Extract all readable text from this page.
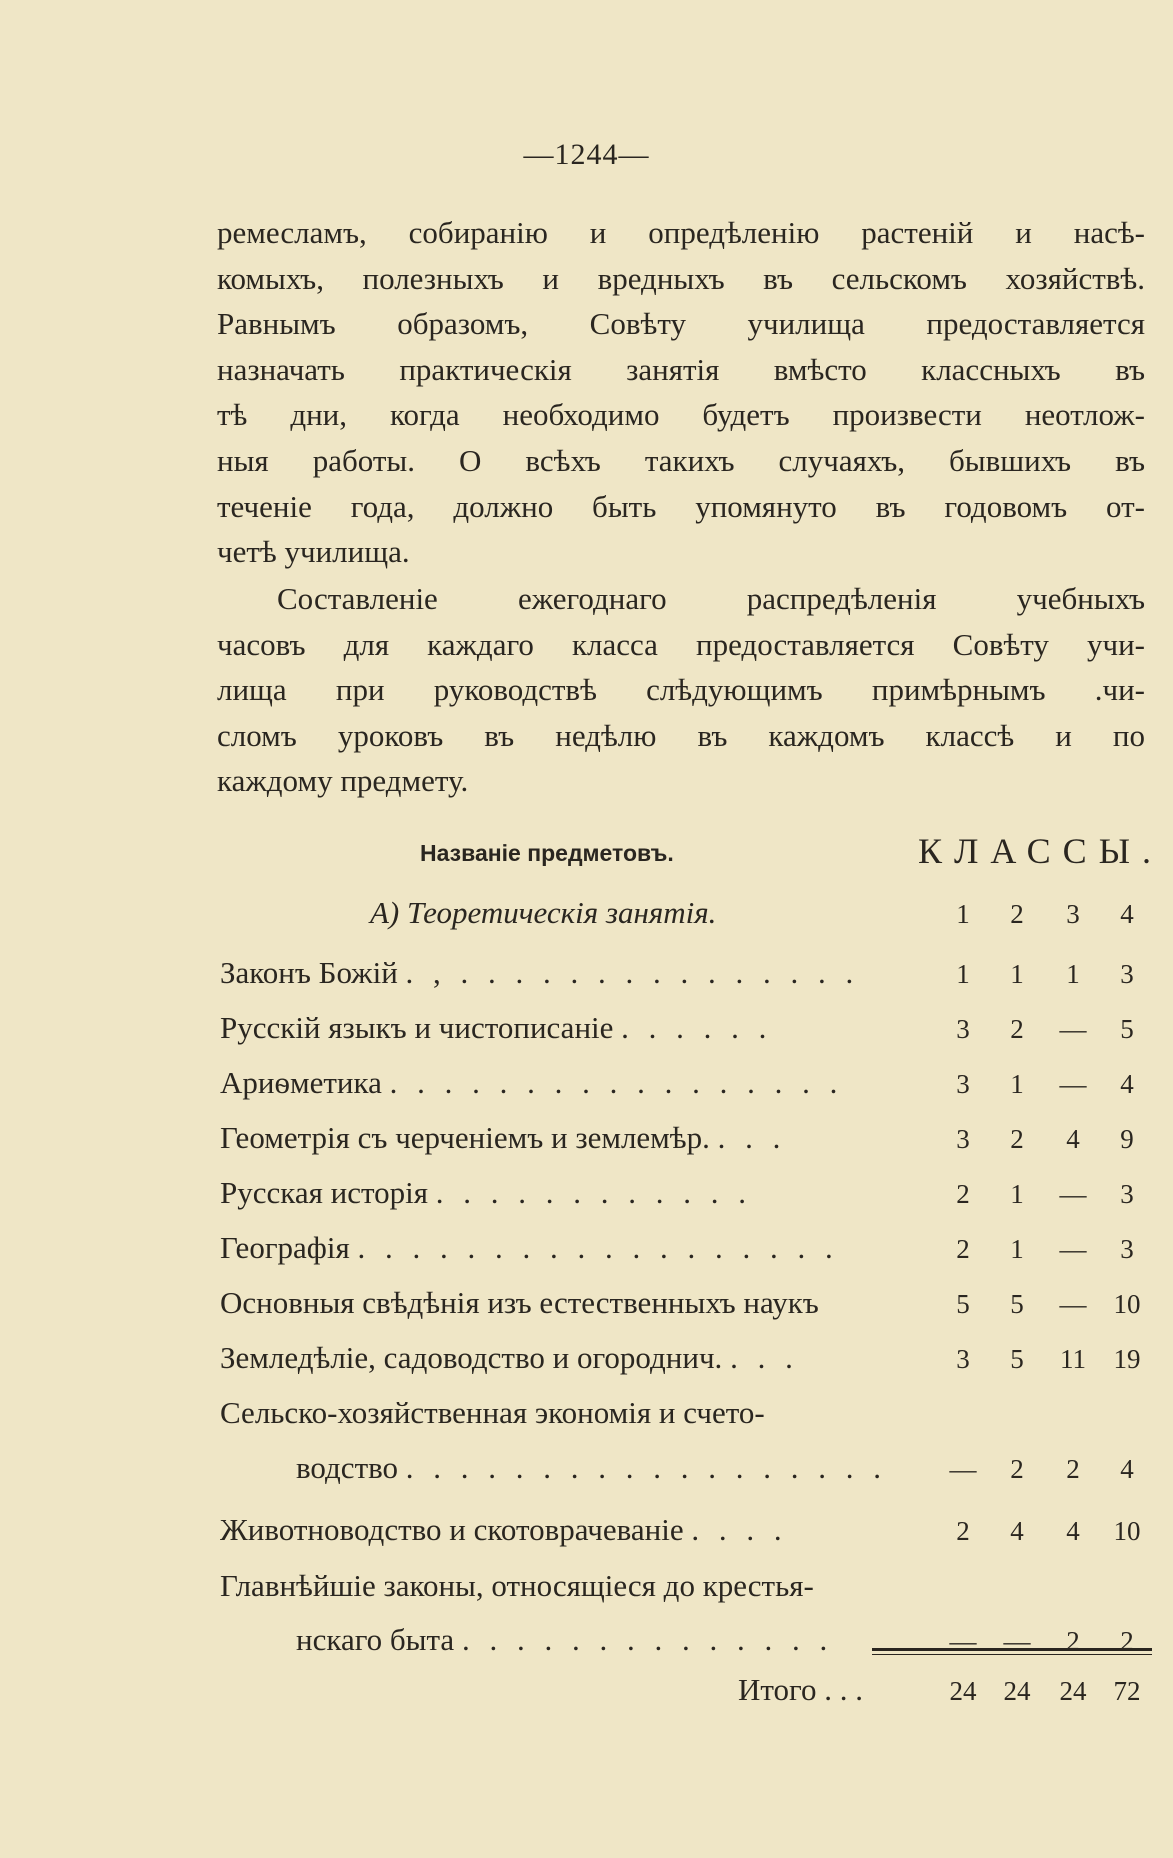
—1244—
ремесламъ, собиранію и опредѣленію растеній и насѣ-
комыхъ, полезныхъ и вредныхъ въ сельскомъ хозяйствѣ.
Равнымъ образомъ, Совѣту училища предоставляется
назначать практическія занятія вмѣсто классныхъ въ
тѣ дни, когда необходимо будетъ произвести неотлож-
ныя работы. О всѣхъ такихъ случаяхъ, бывшихъ въ
теченіе года, должно быть упомянуто въ годовомъ от-
четѣ училища.
Составленіе ежегоднаго распредѣленія учебныхъ
часовъ для каждаго класса предоставляется Совѣту учи-
лища при руководствѣ слѣдующимъ примѣрнымъ .чи-
сломъ уроковъ въ недѣлю въ каждомъ классѣ и по
каждому предмету.
Названіе предметовъ.	КЛАССЫ.
А) Теоретическія занятія.	1	2	3	4
Законъ Божій . , . . . . . . . . . . . . . . .	1	1	1	3
Русскій языкъ и чистописаніе . . . . . .	3	2	—	5
Ариѳметика . . . . . . . . . . . . . . . . .	3	1	—	4
Геометрія съ черченіемъ и землемѣр. . . .	3	2	4	9
Русская исторія . . . . . . . . . . . .	2	1	—	3
Географія . . . . . . . . . . . . . . . . . .	2	1	—	3
Основныя свѣдѣнія изъ естественныхъ наукъ	5	5	—	10
Земледѣліе, садоводство и огороднич. . . .	3	5	11	19
Сельско-хозяйственная экономія и счето-
водство . . . . . . . . . . . . . . . . . .	—	2	2	4
Животноводство и скотоврачеваніе . . . .	2	4	4	10
Главнѣйшіе законы, относящіеся до крестья-
нскаго быта . . . . . . . . . . . . . .	—	—	2	2
Итого . . .	24	24	24	72
